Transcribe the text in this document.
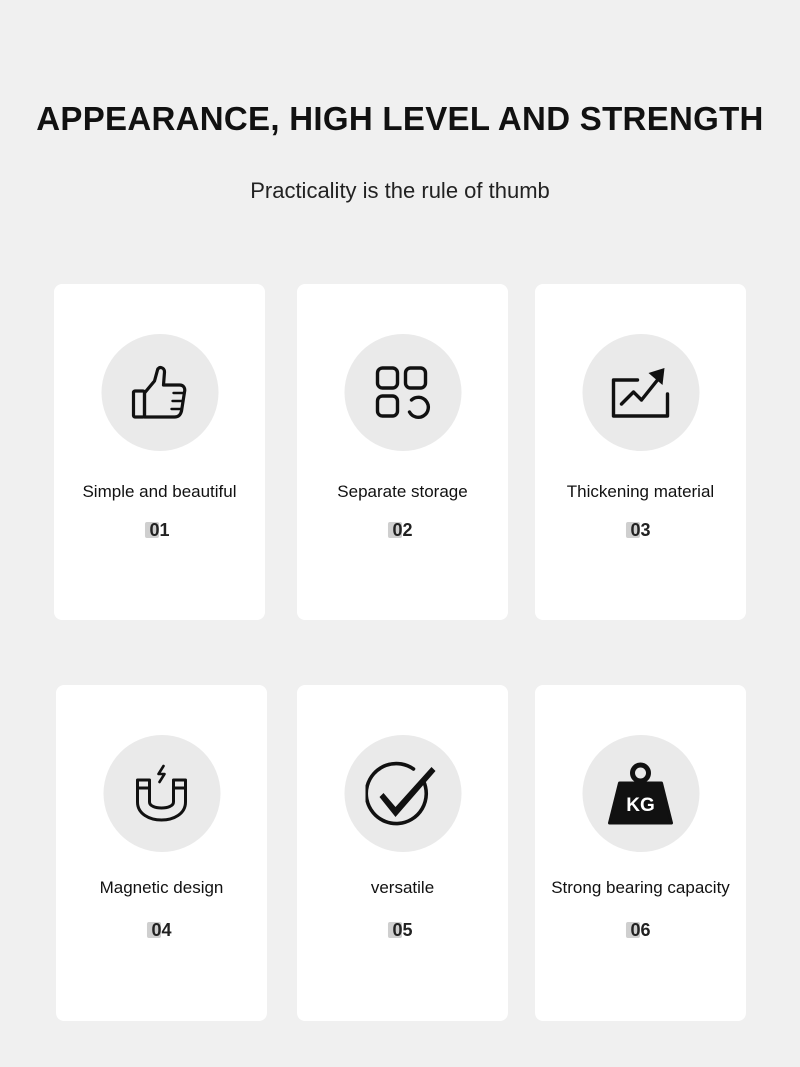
APPEARANCE, HIGH LEVEL AND STRENGTH
Practicality is the rule of thumb
Simple and beautiful
01
Separate storage
02
Thickening material
03
Magnetic design
04
versatile
05
KG
Strong bearing capacity
06
